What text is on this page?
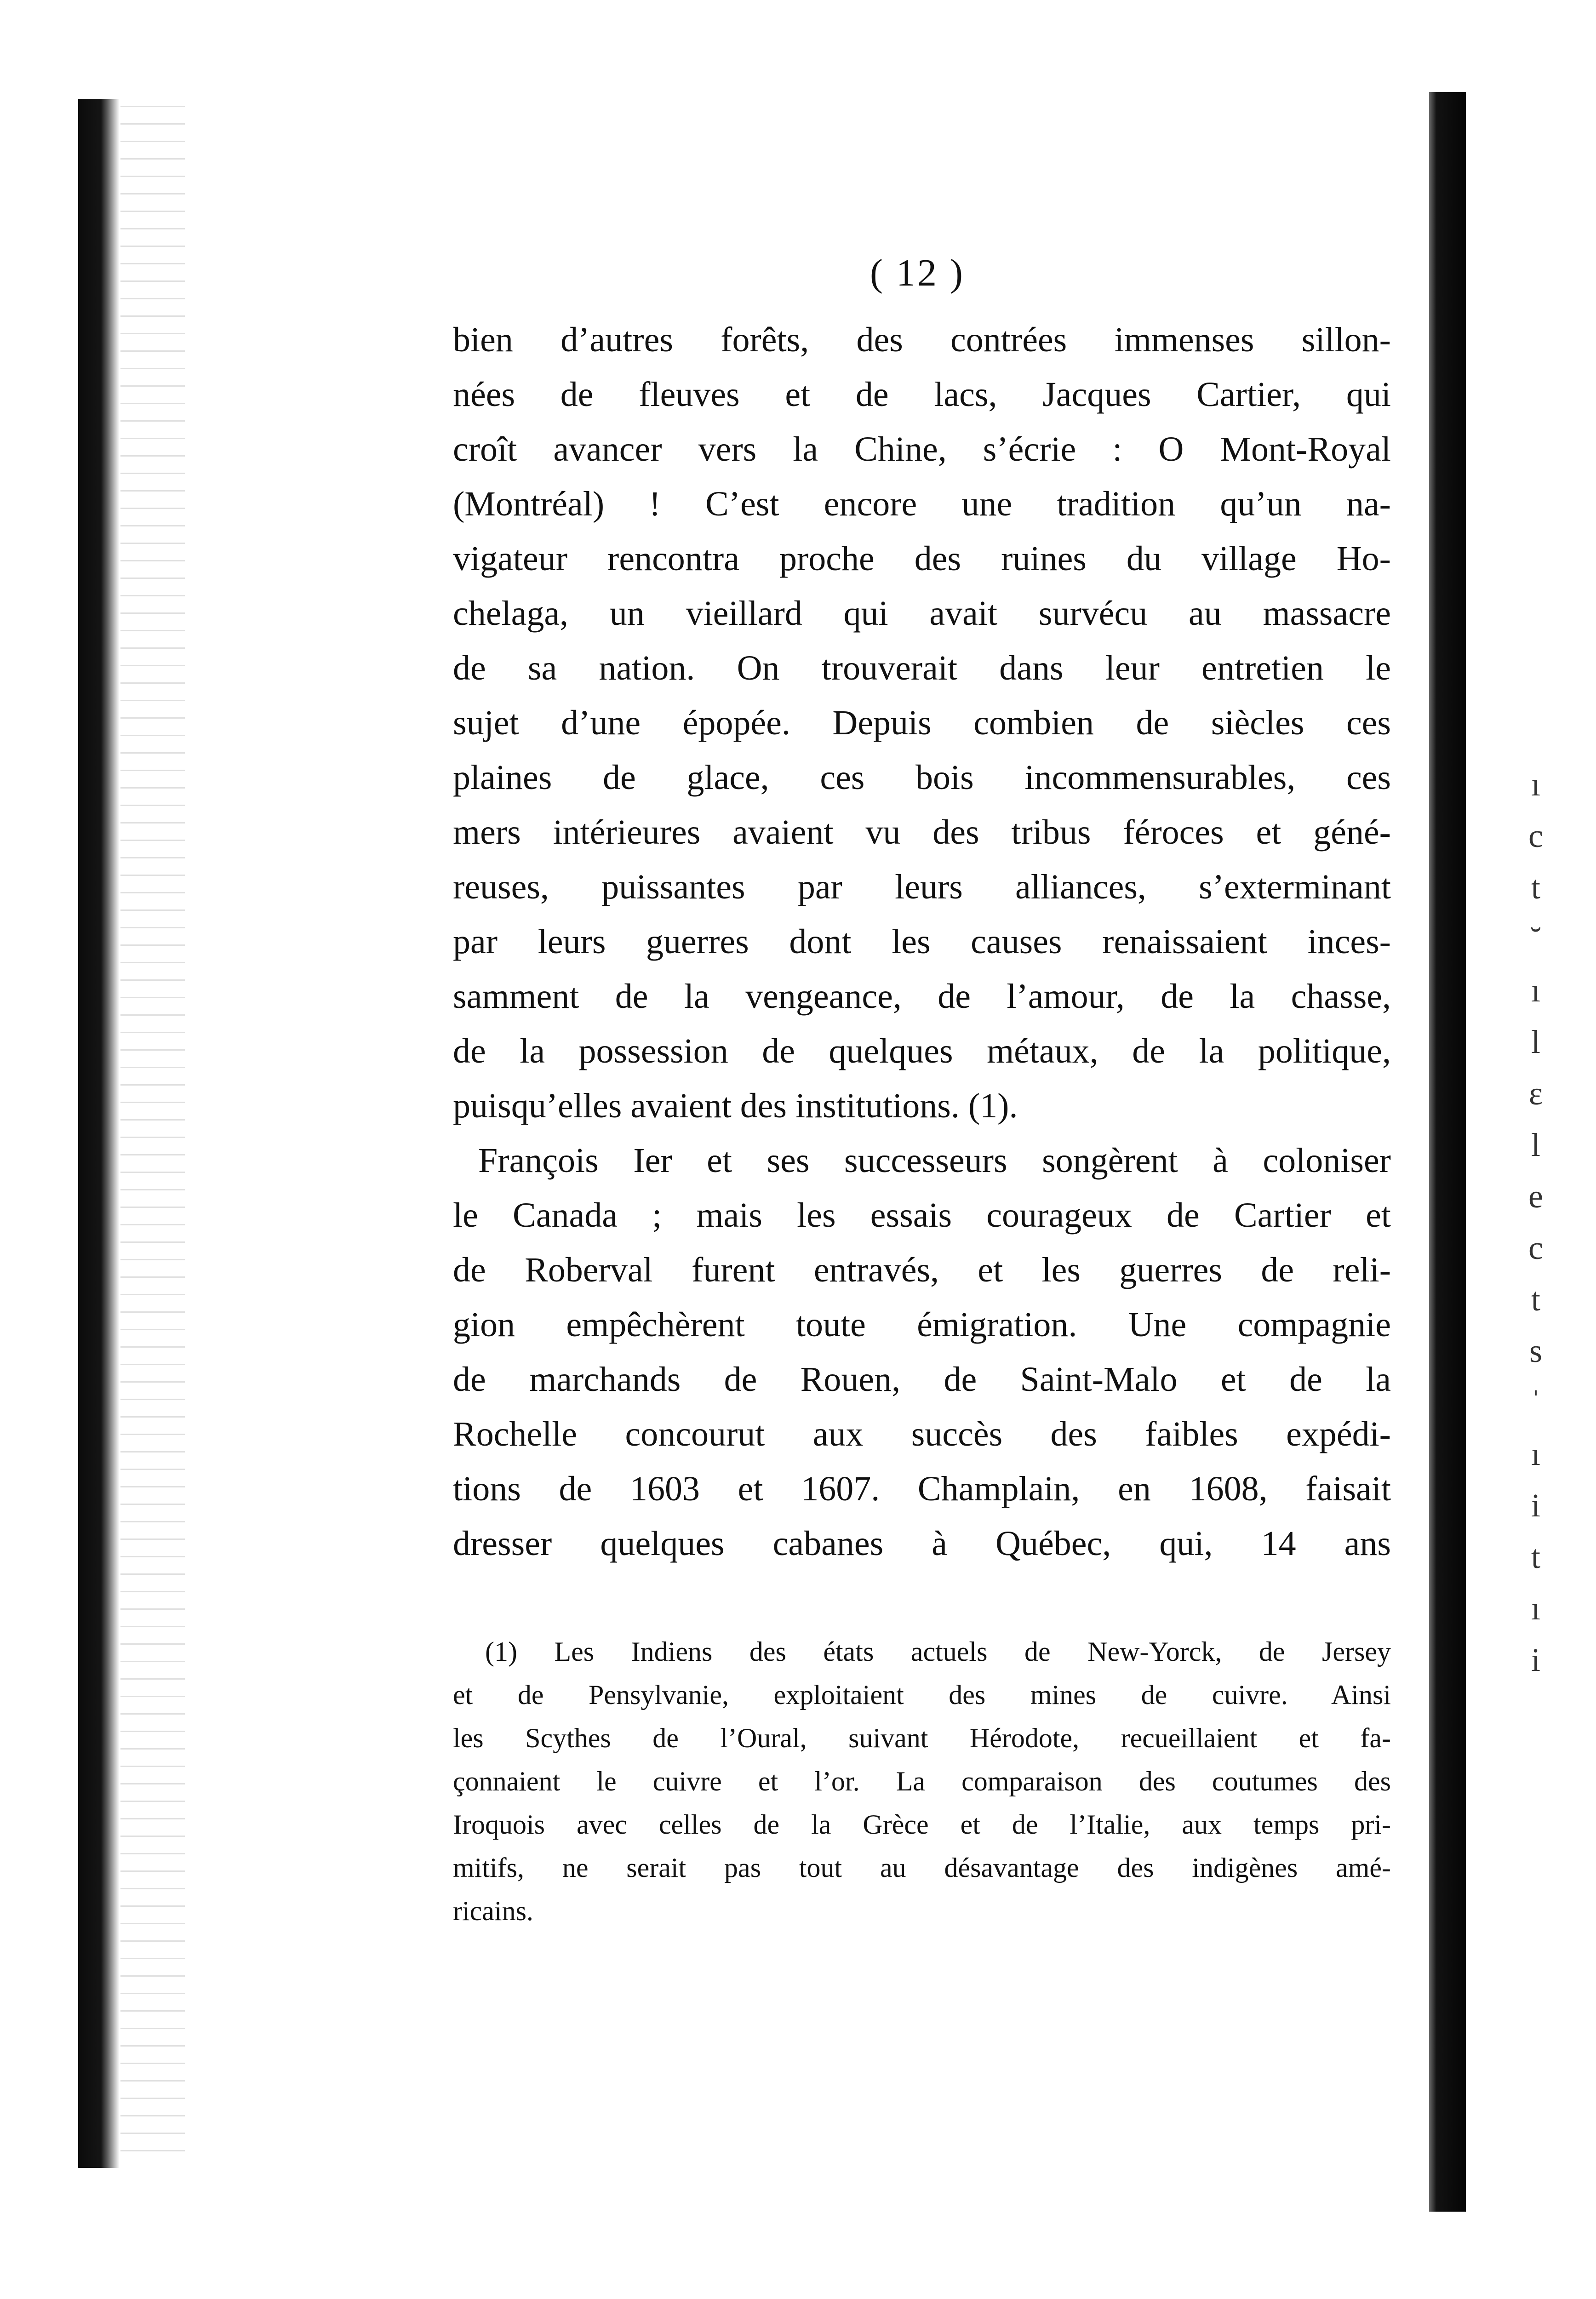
ı
c
t
˘
ı
l
ε
l
e
c
t
s
ˈ
ı
i
t
ı
i
( 12 )
bien d’autres forêts, des contrées immenses sillon-
nées de fleuves et de lacs, Jacques Cartier, qui
croît avancer vers la Chine, s’écrie : O Mont-Royal
(Montréal) ! C’est encore une tradition qu’un na-
vigateur rencontra proche des ruines du village Ho-
chelaga, un vieillard qui avait survécu au massacre
de sa nation. On trouverait dans leur entretien le
sujet d’une épopée. Depuis combien de siècles ces
plaines de glace, ces bois incommensurables, ces
mers intérieures avaient vu des tribus féroces et géné-
reuses, puissantes par leurs alliances, s’exterminant
par leurs guerres dont les causes renaissaient inces-
samment de la vengeance, de l’amour, de la chasse,
de la possession de quelques métaux, de la politique,
puisqu’elles avaient des institutions. (1).
François Ier et ses successeurs songèrent à coloniser
le Canada ; mais les essais courageux de Cartier et
de Roberval furent entravés, et les guerres de reli-
gion empêchèrent toute émigration. Une compagnie
de marchands de Rouen, de Saint-Malo et de la
Rochelle concourut aux succès des faibles expédi-
tions de 1603 et 1607. Champlain, en 1608, faisait
dresser quelques cabanes à Québec, qui, 14 ans
(1) Les Indiens des états actuels de New-Yorck, de Jersey
et de Pensylvanie, exploitaient des mines de cuivre. Ainsi
les Scythes de l’Oural, suivant Hérodote, recueillaient et fa-
çonnaient le cuivre et l’or. La comparaison des coutumes des
Iroquois avec celles de la Grèce et de l’Italie, aux temps pri-
mitifs, ne serait pas tout au désavantage des indigènes amé-
ricains.
